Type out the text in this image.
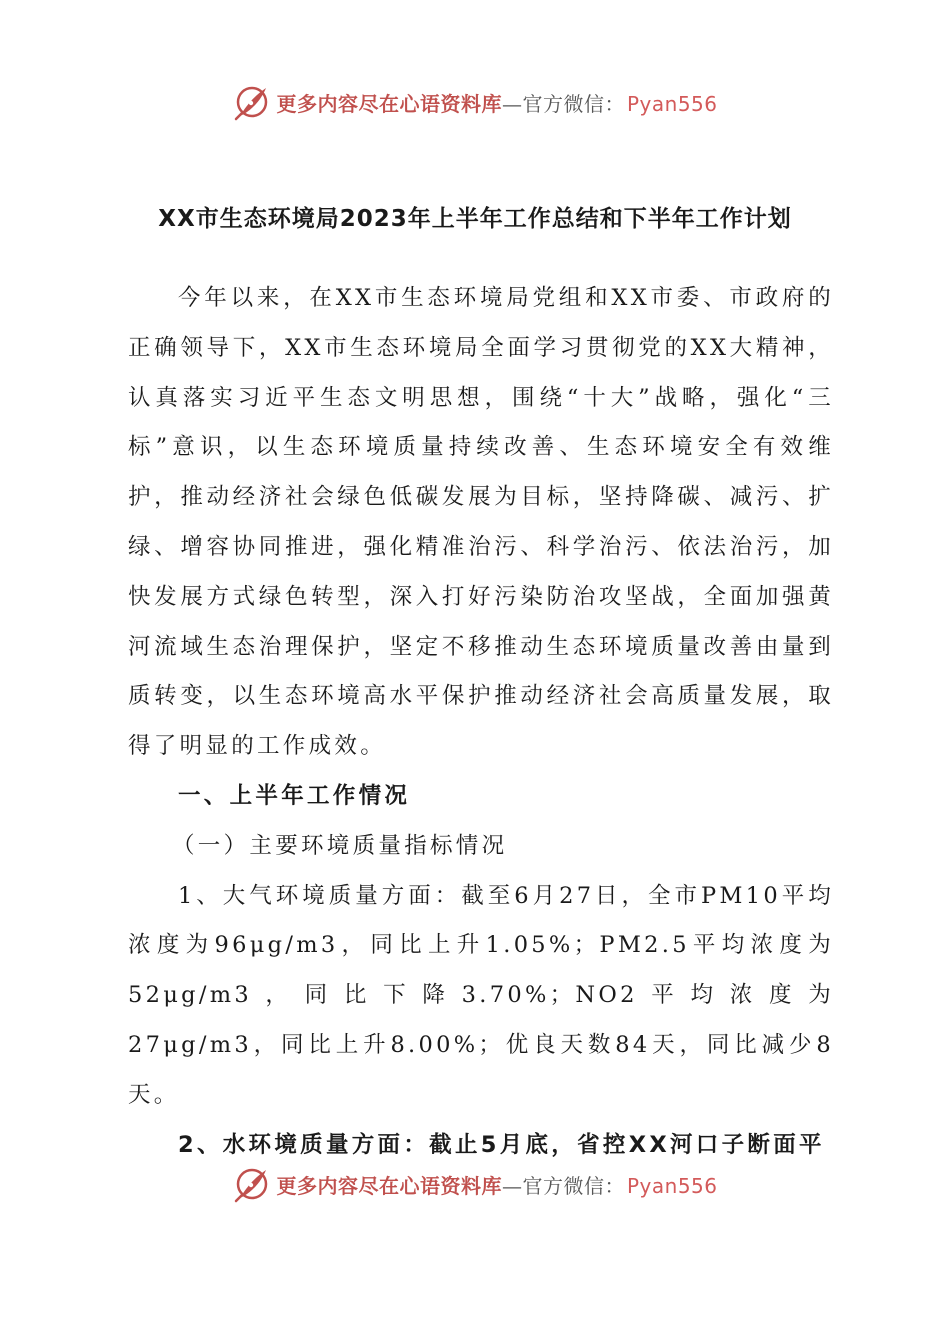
更多内容尽在心语资料库—官方微信： Pyan556
XX市生态环境局2023年上半年工作总结和下半年工作计划

今年以来，在XX市生态环境局党组和XX市委、市政府的正确领导下，XX市生态环境局全面学习贯彻党的XX大精神，认真落实习近平生态文明思想，围绕“十大”战略，强化“三标”意识，以生态环境质量持续改善、生态环境安全有效维护，推动经济社会绿色低碳发展为目标，坚持降碳、减污、扩绿、增容协同推进，强化精准治污、科学治污、依法治污，加快发展方式绿色转型，深入打好污染防治攻坚战，全面加强黄河流域生态治理保护，坚定不移推动生态环境质量改善由量到质转变，以生态环境高水平保护推动经济社会高质量发展，取得了明显的工作成效。

一、上半年工作情况

（一）主要环境质量指标情况

1、大气环境质量方面：截至6月27日，全市PM10平均浓度为96μg/m3，同比上升1.05%；PM2.5平均浓度为52μg/m3，同比下降3.70%；NO2平均浓度为27μg/m3，同比上升8.00%；优良天数84天，同比减少8天。

2、水环境质量方面：截止5月底，省控XX河口子断面平

更多内容尽在心语资料库—官方微信： Pyan556
